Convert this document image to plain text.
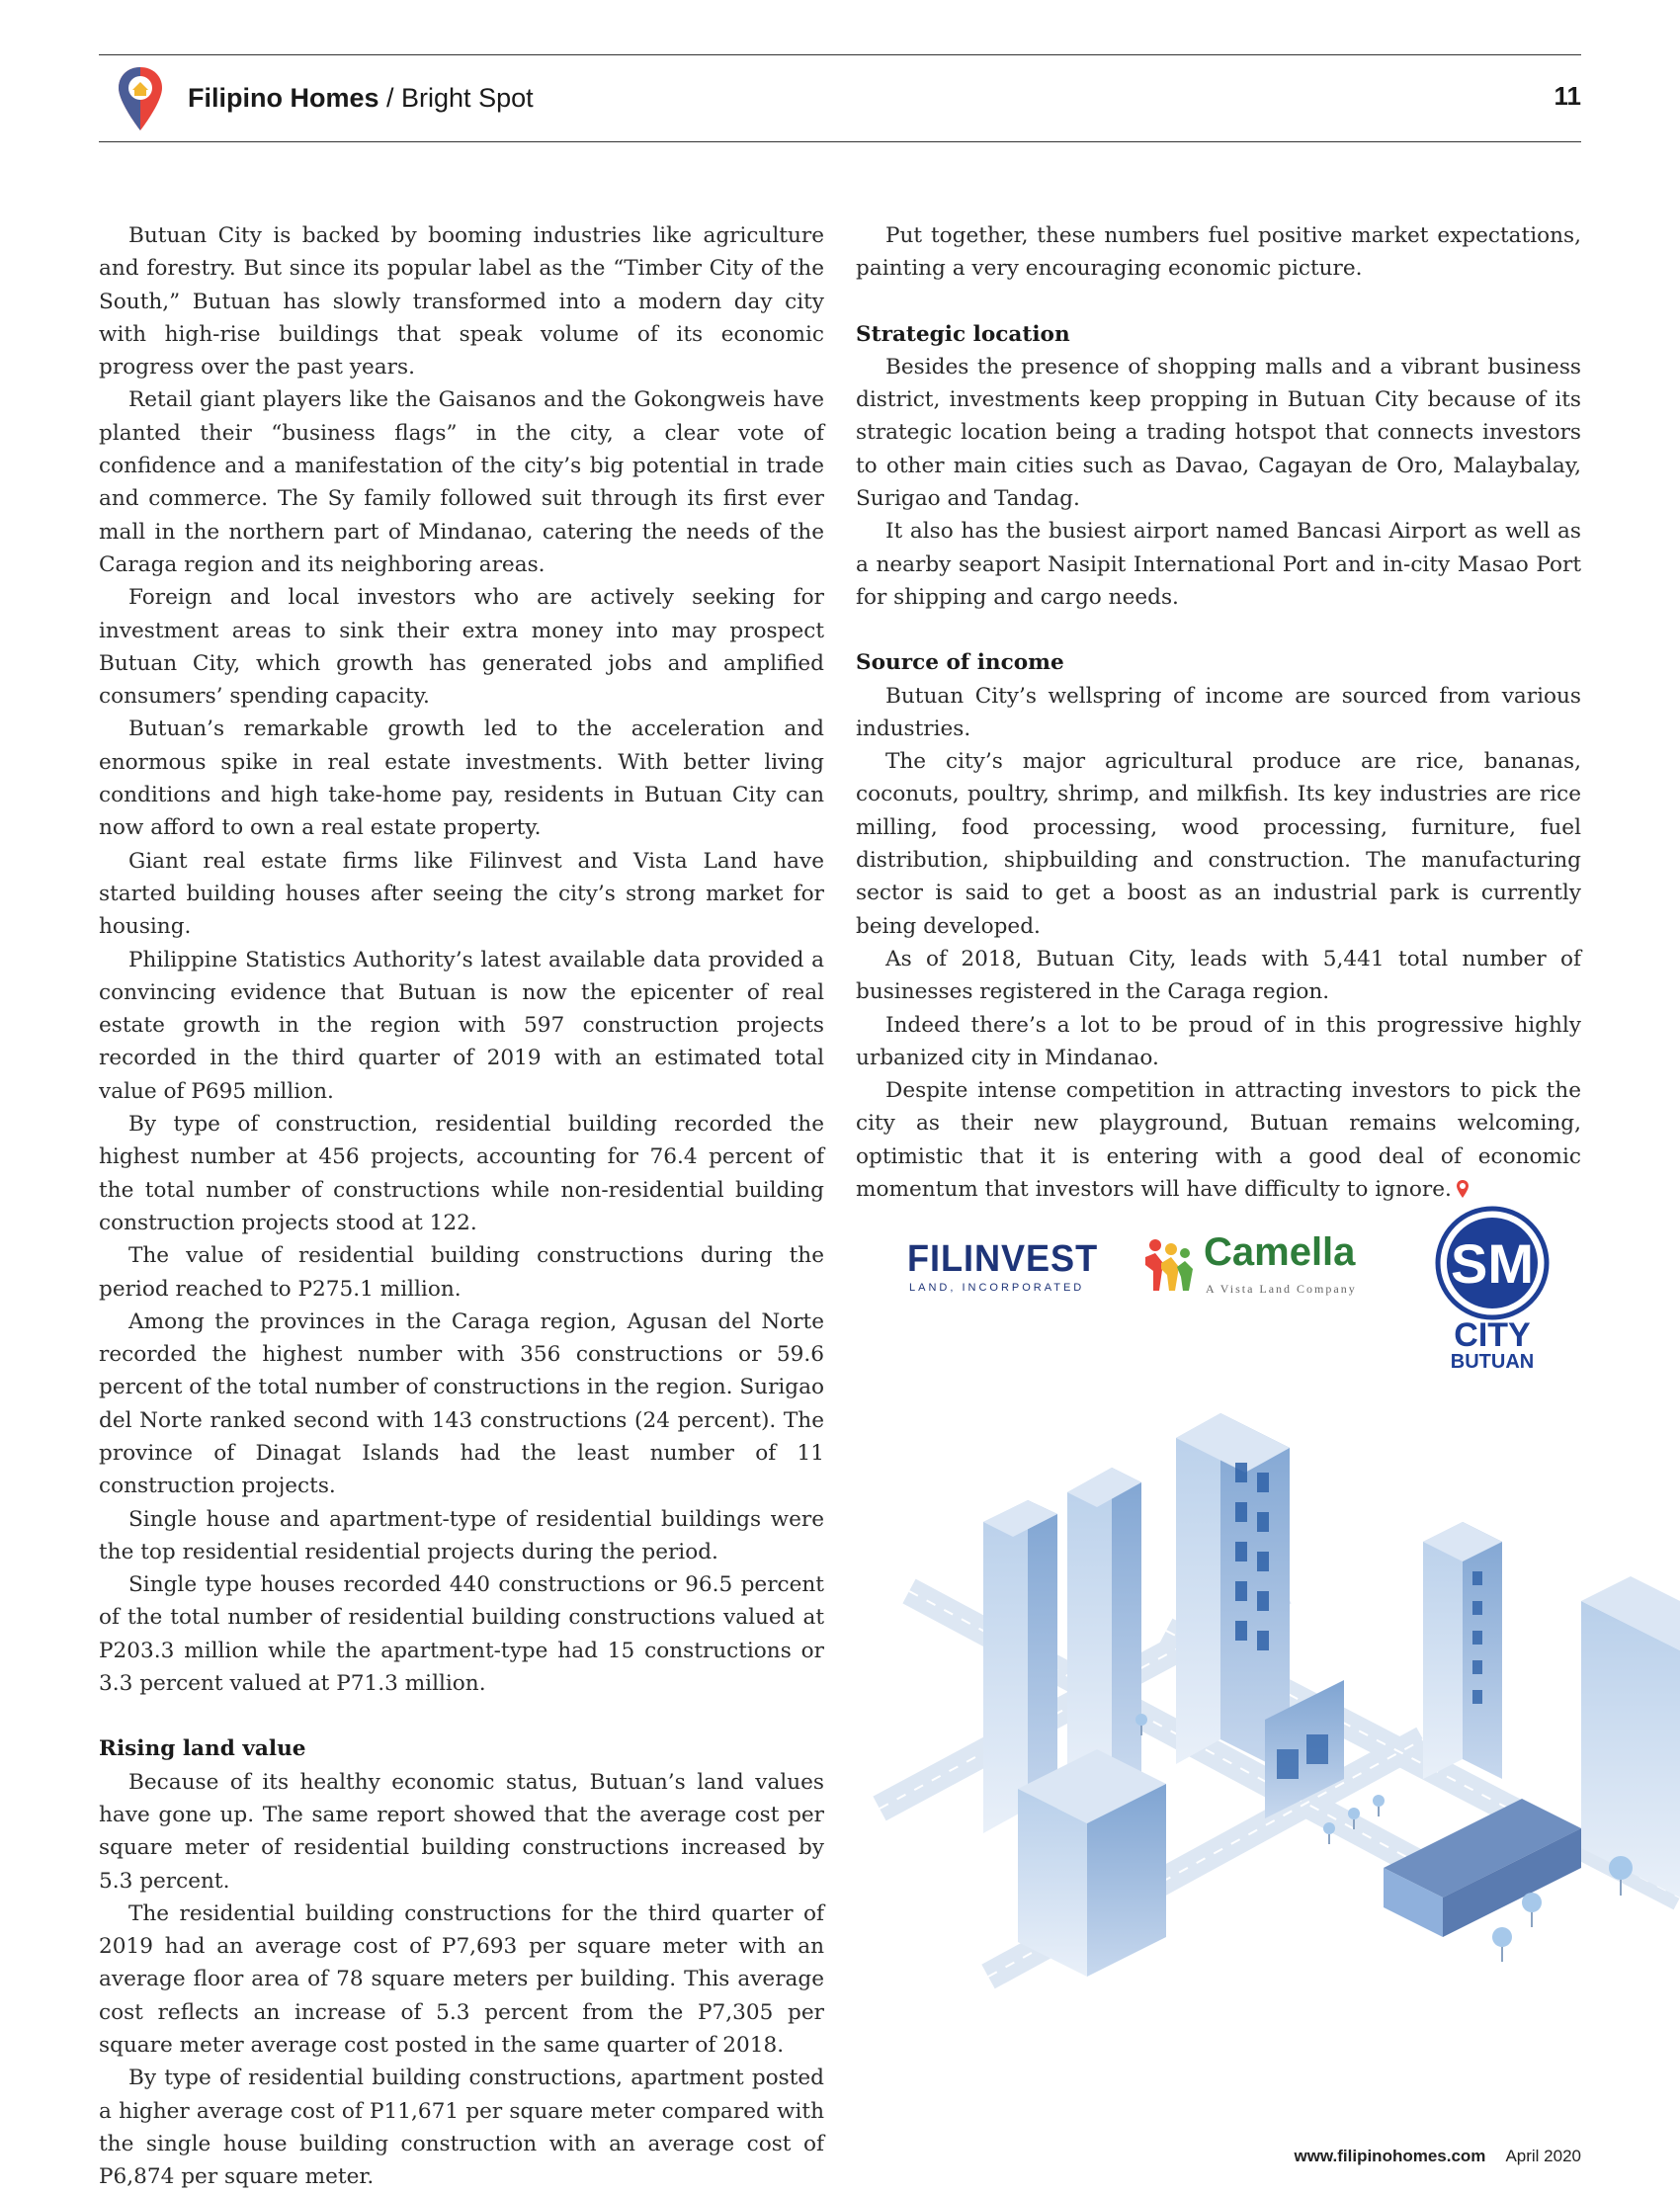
Filipino Homes / Bright Spot	11

Butuan City is backed by booming industries like agriculture and forestry. But since its popular label as the “Timber City of the South,” Butuan has slowly transformed into a modern day city with high-rise buildings that speak volume of its economic progress over the past years.

Retail giant players like the Gaisanos and the Gokongweis have planted their “business flags” in the city, a clear vote of confidence and a manifestation of the city’s big potential in trade and commerce. The Sy family followed suit through its first ever mall in the northern part of Mindanao, catering the needs of the Caraga region and its neighboring areas.

Foreign and local investors who are actively seeking for investment areas to sink their extra money into may prospect Butuan City, which growth has generated jobs and amplified consumers’ spending capacity.

Butuan’s remarkable growth led to the acceleration and enormous spike in real estate investments. With better living conditions and high take-home pay, residents in Butuan City can now afford to own a real estate property.

Giant real estate firms like Filinvest and Vista Land have started building houses after seeing the city’s strong market for housing.

Philippine Statistics Authority’s latest available data provided a convincing evidence that Butuan is now the epicenter of real estate growth in the region with 597 construction projects recorded in the third quarter of 2019 with an estimated total value of P695 million.

By type of construction, residential building recorded the highest number at 456 projects, accounting for 76.4 percent of the total number of constructions while non-residential building construction projects stood at 122.

The value of residential building constructions during the period reached to P275.1 million.

Among the provinces in the Caraga region, Agusan del Norte recorded the highest number with 356 constructions or 59.6 percent of the total number of constructions in the region. Surigao del Norte ranked second with 143 constructions (24 percent). The province of Dinagat Islands had the least number of 11 construction projects.

Single house and apartment-type of residential buildings were the top residential residential projects during the period.

Single type houses recorded 440 constructions or 96.5 percent of the total number of residential building constructions valued at P203.3 million while the apartment-type had 15 constructions or 3.3 percent valued at P71.3 million.

Rising land value

Because of its healthy economic status, Butuan’s land values have gone up. The same report showed that the average cost per square meter of residential building constructions increased by 5.3 percent.

The residential building constructions for the third quarter of 2019 had an average cost of P7,693 per square meter with an average floor area of 78 square meters per building. This average cost reflects an increase of 5.3 percent from the P7,305 per square meter average cost posted in the same quarter of 2018.

By type of residential building constructions, apartment posted a higher average cost of P11,671 per square meter compared with the single house building construction with an average cost of P6,874 per square meter.

Put together, these numbers fuel positive market expectations, painting a very encouraging economic picture.

Strategic location

Besides the presence of shopping malls and a vibrant business district, investments keep propping in Butuan City because of its strategic location being a trading hotspot that connects investors to other main cities such as Davao, Cagayan de Oro, Malaybalay, Surigao and Tandag.

It also has the busiest airport named Bancasi Airport as well as a nearby seaport Nasipit International Port and in-city Masao Port for shipping and cargo needs.

Source of income

Butuan City’s wellspring of income are sourced from various industries.

The city’s major agricultural produce are rice, bananas, coconuts, poultry, shrimp, and milkfish. Its key industries are rice milling, food processing, wood processing, furniture, fuel distribution, shipbuilding and construction. The manufacturing sector is said to get a boost as an industrial park is currently being developed.

As of 2018, Butuan City, leads with 5,441 total number of businesses registered in the Caraga region.

Indeed there’s a lot to be proud of in this progressive highly urbanized city in Mindanao.

Despite intense competition in attracting investors to pick the city as their new playground, Butuan remains welcoming, optimistic that it is entering with a good deal of economic momentum that investors will have difficulty to ignore.

FILINVEST
LAND, INCORPORATED
Camella
A Vista Land Company SM
CITY
BUTUAN
www.filipinohomes.com April 2020
